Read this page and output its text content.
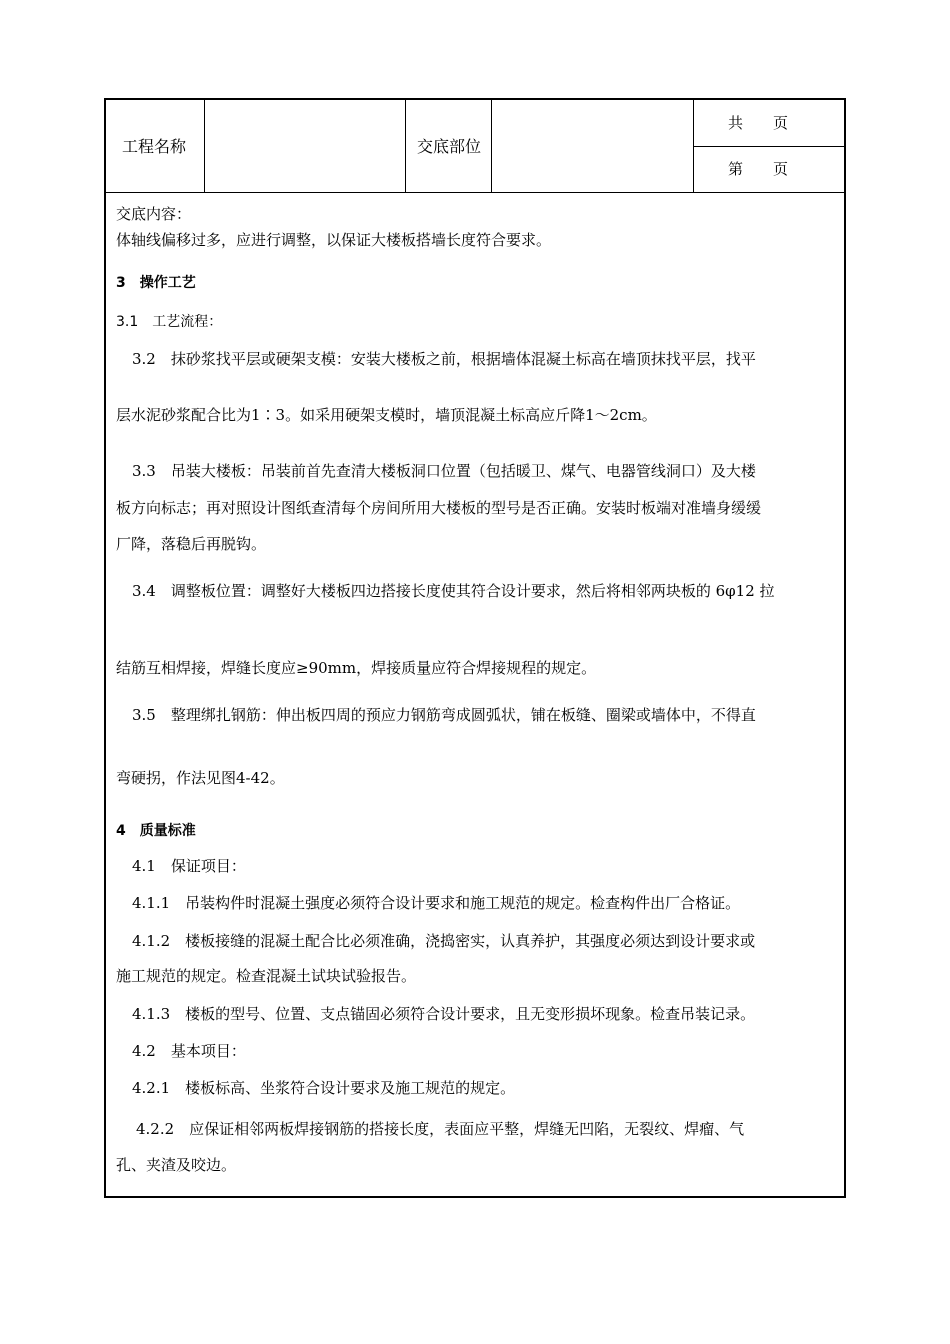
工程名称	交底部位
共　　页
第　　页
交底内容：
体轴线偏移过多，应进行调整，以保证大楼板搭墙长度符合要求。
3　操作工艺
3.1　工艺流程：
3.2　抹砂浆找平层或硬架支模：安装大楼板之前，根据墙体混凝土标高在墙顶抹找平层，找平
层水泥砂浆配合比为1∶3。如采用硬架支模时，墙顶混凝土标高应斤降1～2cm。
3.3　吊装大楼板：吊装前首先查清大楼板洞口位置（包括暖卫、煤气、电器管线洞口）及大楼
板方向标志；再对照设计图纸查清每个房间所用大楼板的型号是否正确。安装时板端对准墙身缓缓
厂降，落稳后再脱钩。
3.4　调整板位置：调整好大楼板四边搭接长度使其符合设计要求，然后将相邻两块板的 6φ12 拉
结筋互相焊接，焊缝长度应≥90mm，焊接质量应符合焊接规程的规定。
3.5　整理绑扎钢筋：伸出板四周的预应力钢筋弯成圆弧状，铺在板缝、圈梁或墙体中，不得直
弯硬拐，作法见图4-42。
4　质量标准
4.1　保证项目：
4.1.1　吊装构件时混凝土强度必须符合设计要求和施工规范的规定。检查构件出厂合格证。
4.1.2　楼板接缝的混凝土配合比必须准确，浇捣密实，认真养护，其强度必须达到设计要求或
施工规范的规定。检查混凝土试块试验报告。
4.1.3　楼板的型号、位置、支点锚固必须符合设计要求，且无变形损坏现象。检查吊装记录。
4.2　基本项目：
4.2.1　楼板标高、坐浆符合设计要求及施工规范的规定。
4.2.2　应保证相邻两板焊接钢筋的搭接长度，表面应平整，焊缝无凹陷，无裂纹、焊瘤、气
孔、夹渣及咬边。
